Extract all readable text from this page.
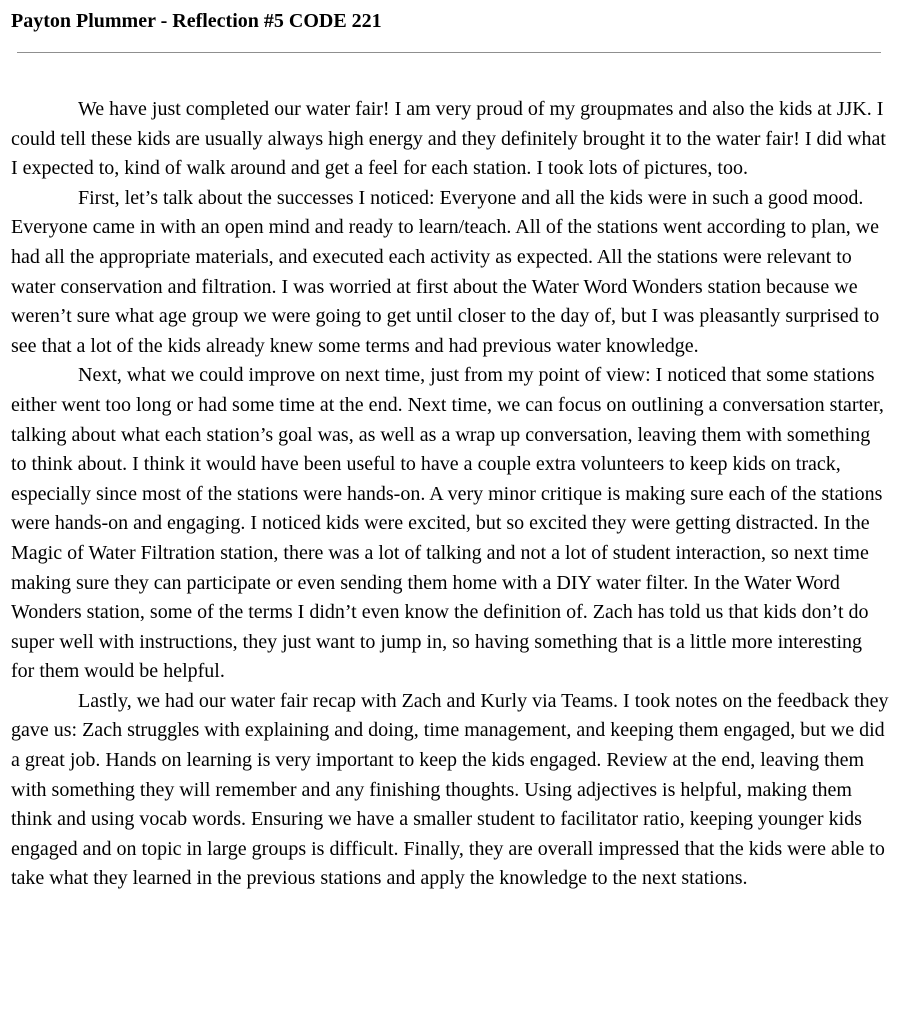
Payton Plummer - Reflection #5 CODE 221

We have just completed our water fair! I am very proud of my groupmates and also the kids at JJK. I could tell these kids are usually always high energy and they definitely brought it to the water fair! I did what I expected to, kind of walk around and get a feel for each station. I took lots of pictures, too.

First, let’s talk about the successes I noticed: Everyone and all the kids were in such a good mood. Everyone came in with an open mind and ready to learn/teach. All of the stations went according to plan, we had all the appropriate materials, and executed each activity as expected. All the stations were relevant to water conservation and filtration. I was worried at first about the Water Word Wonders station because we weren’t sure what age group we were going to get until closer to the day of, but I was pleasantly surprised to see that a lot of the kids already knew some terms and had previous water knowledge.

Next, what we could improve on next time, just from my point of view: I noticed that some stations either went too long or had some time at the end. Next time, we can focus on outlining a conversation starter, talking about what each station’s goal was, as well as a wrap up conversation, leaving them with something to think about. I think it would have been useful to have a couple extra volunteers to keep kids on track, especially since most of the stations were hands-on. A very minor critique is making sure each of the stations were hands-on and engaging. I noticed kids were excited, but so excited they were getting distracted. In the Magic of Water Filtration station, there was a lot of talking and not a lot of student interaction, so next time making sure they can participate or even sending them home with a DIY water filter. In the Water Word Wonders station, some of the terms I didn’t even know the definition of. Zach has told us that kids don’t do super well with instructions, they just want to jump in, so having something that is a little more interesting for them would be helpful.

Lastly, we had our water fair recap with Zach and Kurly via Teams. I took notes on the feedback they gave us: Zach struggles with explaining and doing, time management, and keeping them engaged, but we did a great job. Hands on learning is very important to keep the kids engaged. Review at the end, leaving them with something they will remember and any finishing thoughts. Using adjectives is helpful, making them think and using vocab words. Ensuring we have a smaller student to facilitator ratio, keeping younger kids engaged and on topic in large groups is difficult. Finally, they are overall impressed that the kids were able to take what they learned in the previous stations and apply the knowledge to the next stations.
